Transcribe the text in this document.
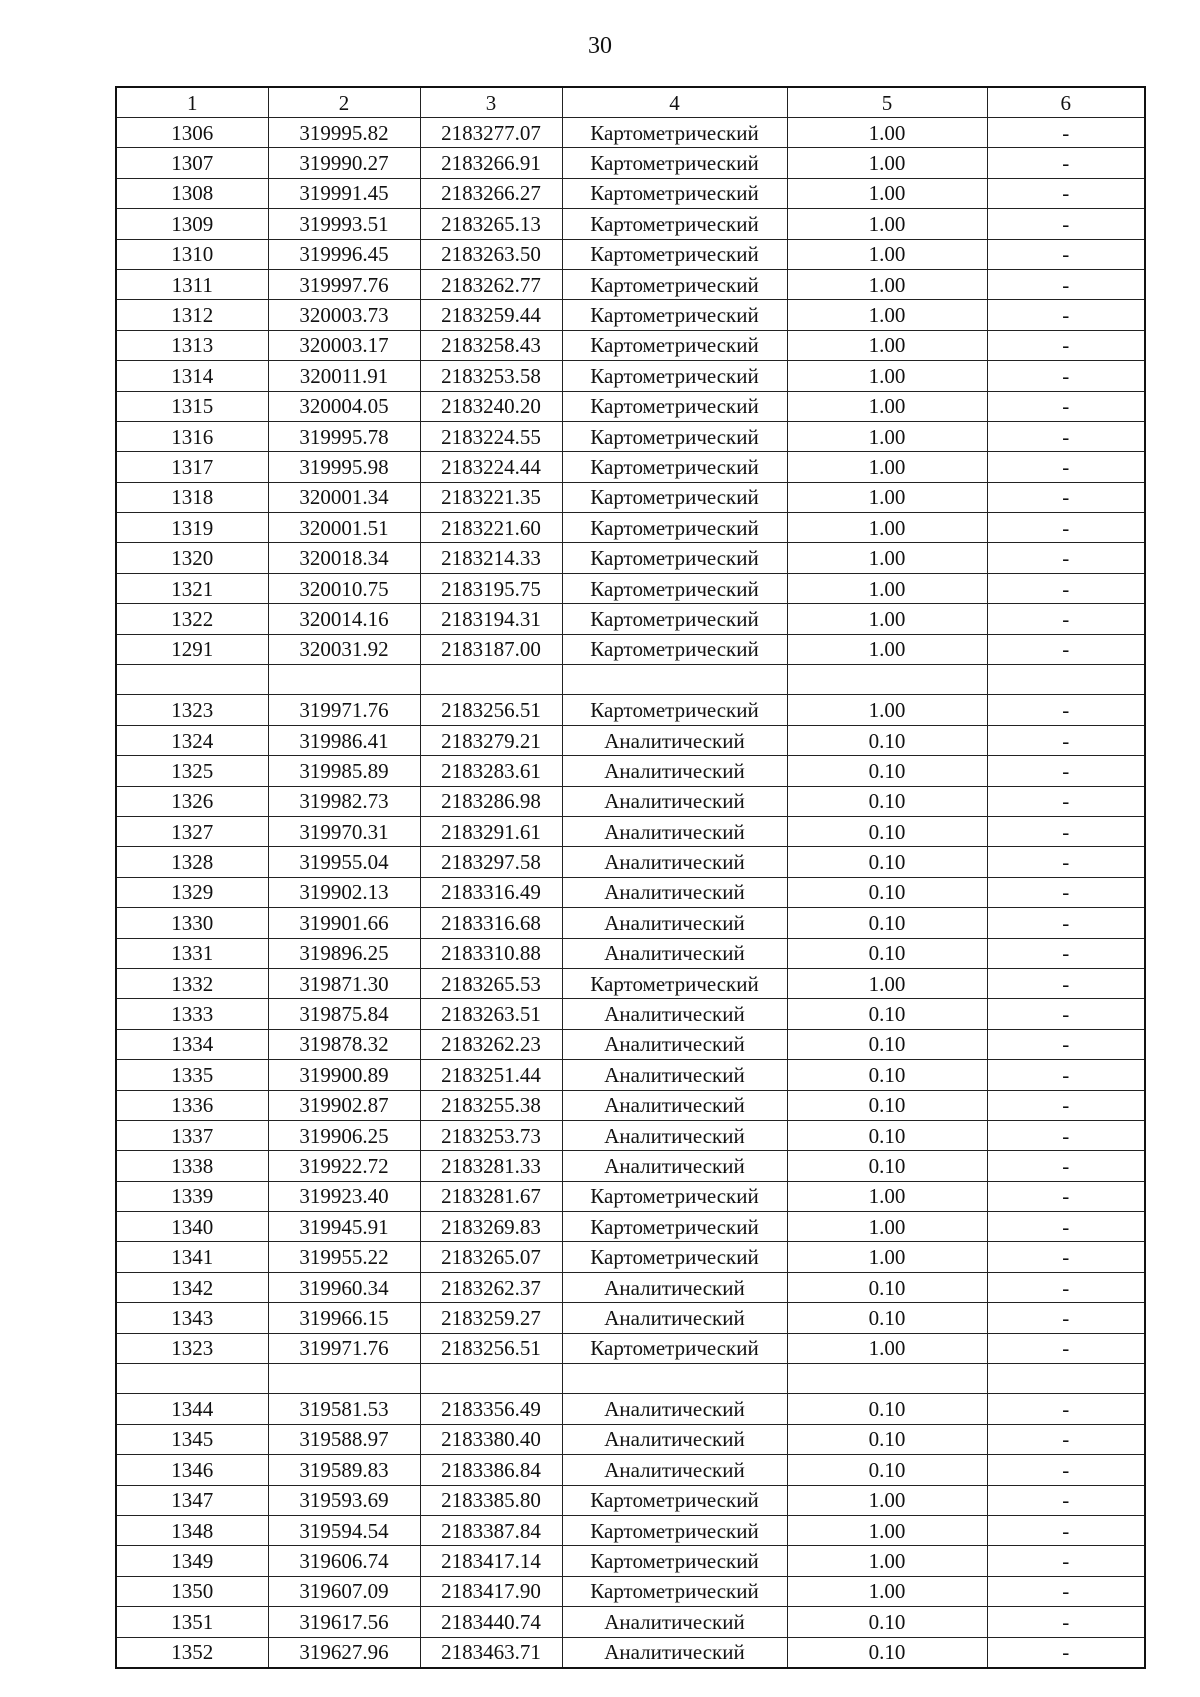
30
1	2	3	4	5	6
1306	319995.82	2183277.07	Картометрический	1.00	-
1307	319990.27	2183266.91	Картометрический	1.00	-
1308	319991.45	2183266.27	Картометрический	1.00	-
1309	319993.51	2183265.13	Картометрический	1.00	-
1310	319996.45	2183263.50	Картометрический	1.00	-
1311	319997.76	2183262.77	Картометрический	1.00	-
1312	320003.73	2183259.44	Картометрический	1.00	-
1313	320003.17	2183258.43	Картометрический	1.00	-
1314	320011.91	2183253.58	Картометрический	1.00	-
1315	320004.05	2183240.20	Картометрический	1.00	-
1316	319995.78	2183224.55	Картометрический	1.00	-
1317	319995.98	2183224.44	Картометрический	1.00	-
1318	320001.34	2183221.35	Картометрический	1.00	-
1319	320001.51	2183221.60	Картометрический	1.00	-
1320	320018.34	2183214.33	Картометрический	1.00	-
1321	320010.75	2183195.75	Картометрический	1.00	-
1322	320014.16	2183194.31	Картометрический	1.00	-
1291	320031.92	2183187.00	Картометрический	1.00	-

1323	319971.76	2183256.51	Картометрический	1.00	-
1324	319986.41	2183279.21	Аналитический	0.10	-
1325	319985.89	2183283.61	Аналитический	0.10	-
1326	319982.73	2183286.98	Аналитический	0.10	-
1327	319970.31	2183291.61	Аналитический	0.10	-
1328	319955.04	2183297.58	Аналитический	0.10	-
1329	319902.13	2183316.49	Аналитический	0.10	-
1330	319901.66	2183316.68	Аналитический	0.10	-
1331	319896.25	2183310.88	Аналитический	0.10	-
1332	319871.30	2183265.53	Картометрический	1.00	-
1333	319875.84	2183263.51	Аналитический	0.10	-
1334	319878.32	2183262.23	Аналитический	0.10	-
1335	319900.89	2183251.44	Аналитический	0.10	-
1336	319902.87	2183255.38	Аналитический	0.10	-
1337	319906.25	2183253.73	Аналитический	0.10	-
1338	319922.72	2183281.33	Аналитический	0.10	-
1339	319923.40	2183281.67	Картометрический	1.00	-
1340	319945.91	2183269.83	Картометрический	1.00	-
1341	319955.22	2183265.07	Картометрический	1.00	-
1342	319960.34	2183262.37	Аналитический	0.10	-
1343	319966.15	2183259.27	Аналитический	0.10	-
1323	319971.76	2183256.51	Картометрический	1.00	-

1344	319581.53	2183356.49	Аналитический	0.10	-
1345	319588.97	2183380.40	Аналитический	0.10	-
1346	319589.83	2183386.84	Аналитический	0.10	-
1347	319593.69	2183385.80	Картометрический	1.00	-
1348	319594.54	2183387.84	Картометрический	1.00	-
1349	319606.74	2183417.14	Картометрический	1.00	-
1350	319607.09	2183417.90	Картометрический	1.00	-
1351	319617.56	2183440.74	Аналитический	0.10	-
1352	319627.96	2183463.71	Аналитический	0.10	-
